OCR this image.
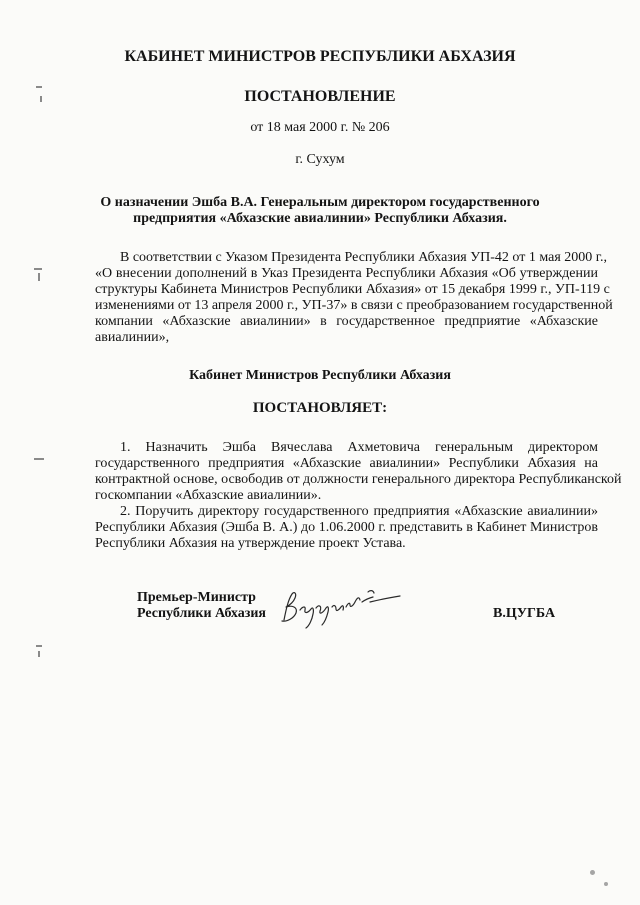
КАБИНЕТ МИНИСТРОВ РЕСПУБЛИКИ АБХАЗИЯ
ПОСТАНОВЛЕНИЕ
от 18 мая 2000 г. № 206
г. Сухум
О назначении Эшба В.А. Генеральным директором государственного
предприятия «Абхазские авиалинии» Республики Абхазия.
В соответствии с Указом Президента Республики Абхазия УП-42 от 1 мая 2000 г.,
«О внесении дополнений в Указ Президента Республики Абхазия «Об утверждении
структуры Кабинета Министров Республики Абхазия» от 15 декабря 1999 г., УП-119 с
изменениями от 13 апреля 2000 г., УП-37» в связи с преобразованием государственной
компании «Абхазские авиалинии» в государственное предприятие «Абхазские
авиалинии»,
Кабинет Министров Республики Абхазия
ПОСТАНОВЛЯЕТ:
1. Назначить Эшба Вячеслава Ахметовича генеральным директором
государственного предприятия «Абхазские авиалинии» Республики Абхазия на
контрактной основе, освободив от должности генерального директора Республиканской
госкомпании «Абхазские авиалинии».
2. Поручить директору государственного предприятия «Абхазские авиалинии»
Республики Абхазия (Эшба В. А.) до 1.06.2000 г. представить в Кабинет Министров
Республики Абхазия на утверждение проект Устава.
Премьер-Министр
Республики Абхазия	В.ЦУГБА
